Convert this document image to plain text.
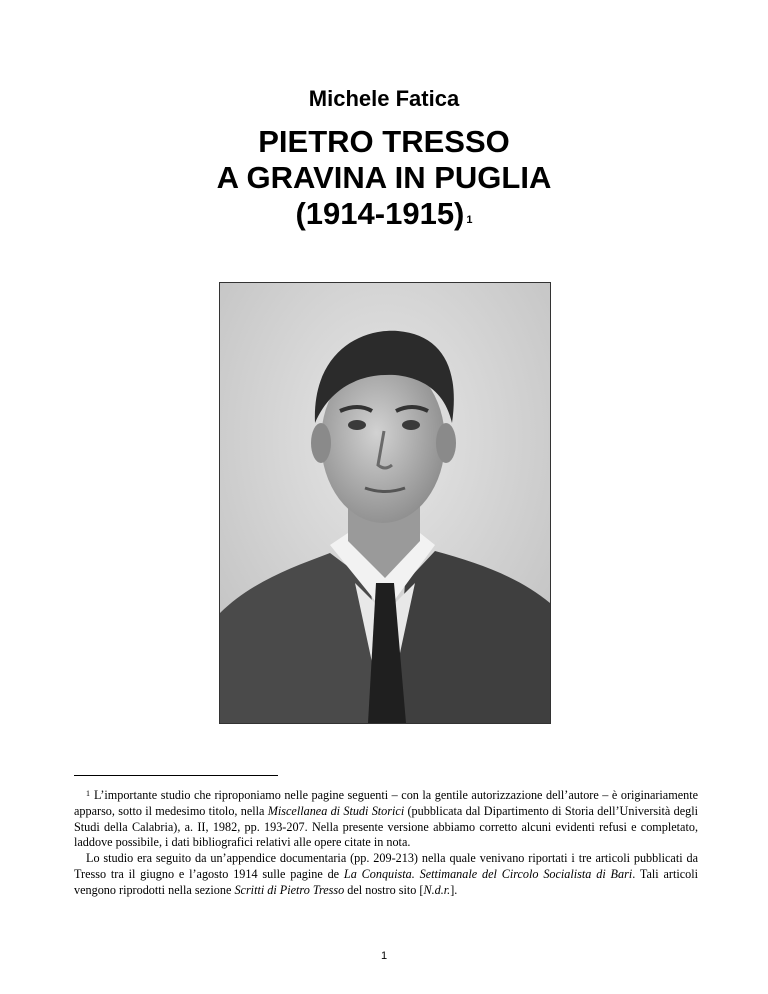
Michele Fatica
PIETRO TRESSO
A GRAVINA IN PUGLIA
(1914-1915) $^1$

$^1$ L’importante studio che riproponiamo nelle pagine seguenti – con la gentile autorizzazione dell’autore – è originariamente apparso, sotto il medesimo titolo, nella Miscellanea di Studi Storici (pubblicata dal Dipartimento di Storia dell’Università degli Studi della Calabria), a. II, 1982, pp. 193-207. Nella presente versione abbiamo corretto alcuni evidenti refusi e completato, laddove possibile, i dati bibliografici relativi alle opere citate in nota.

Lo studio era seguito da un’appendice documentaria (pp. 209-213) nella quale venivano riportati i tre articoli pubblicati da Tresso tra il giugno e l’agosto 1914 sulle pagine de La Conquista. Settimanale del Circolo Socialista di Bari. Tali articoli vengono riprodotti nella sezione Scritti di Pietro Tresso del nostro sito [N.d.r.].

1
